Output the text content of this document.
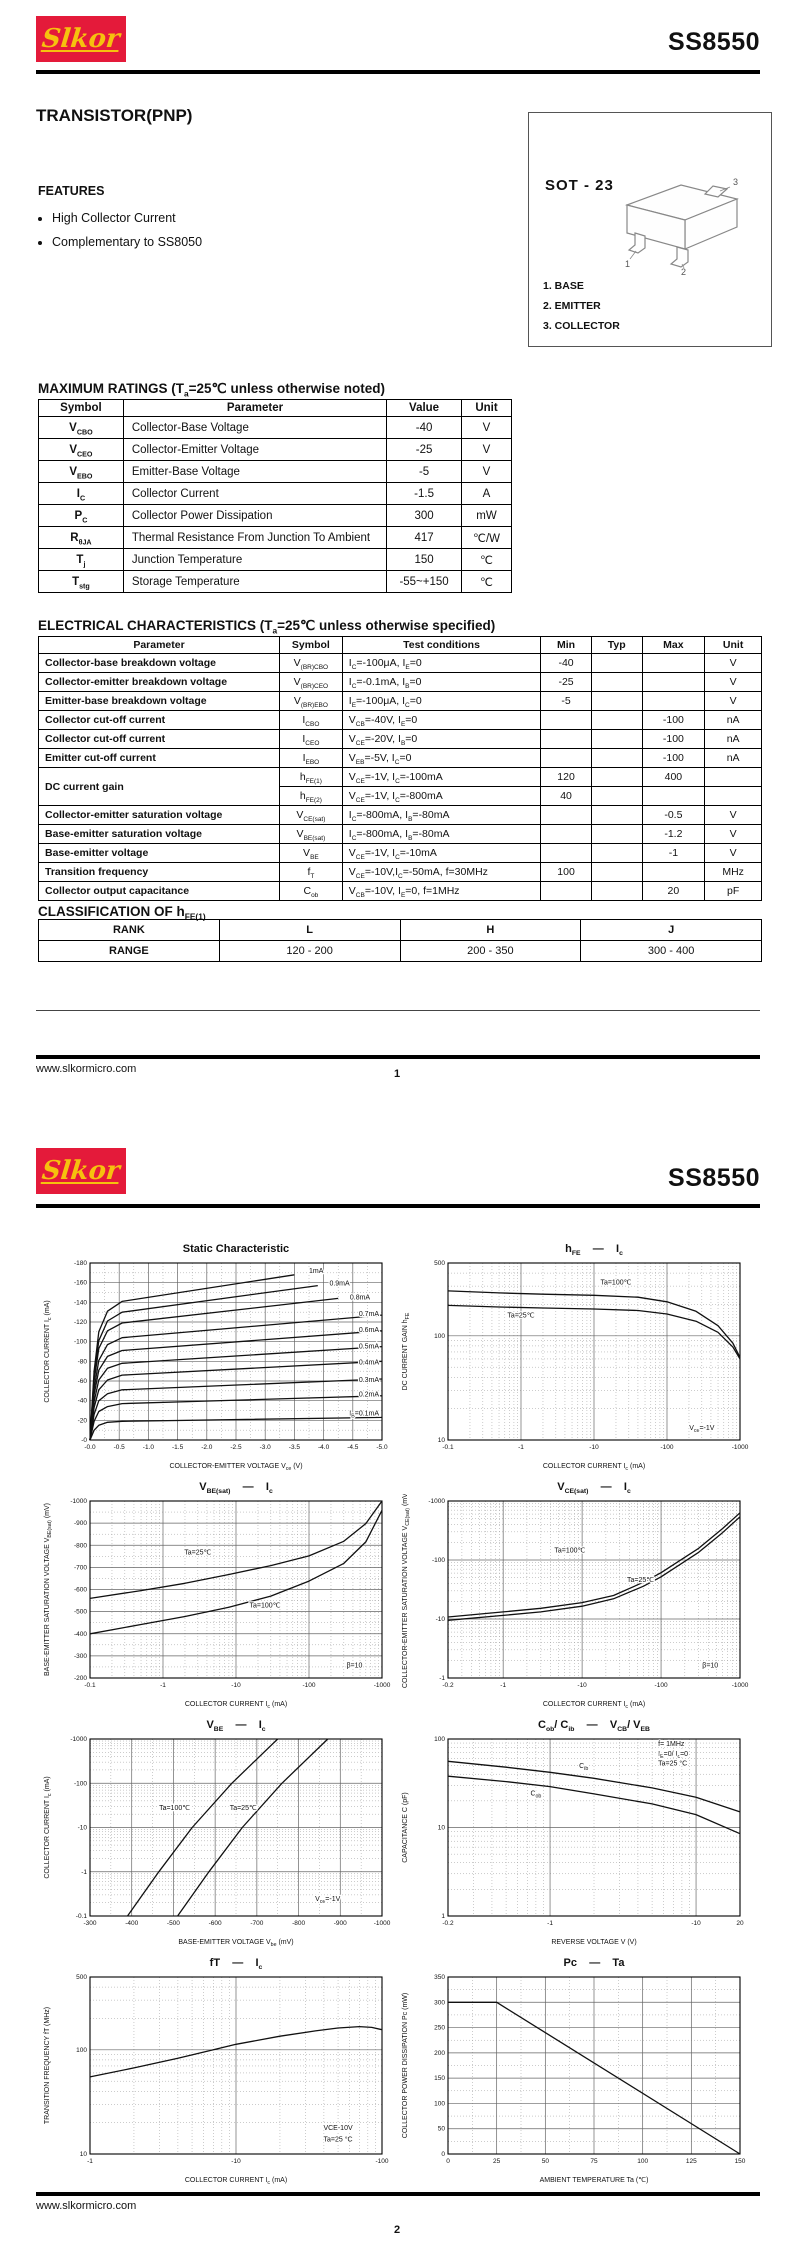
Slkor	SS8550
TRANSISTOR(PNP)
FEATURES
• High Collector Current
• Complementary to SS8050
SOT - 23	3
1
2
1. BASE
2. EMITTER
3. COLLECTOR
MAXIMUM RATINGS ($T_a=25℃$ unless otherwise noted)
Symbol	Parameter	Value	Unit
$V_{CBO}$	Collector-Base Voltage	-40	V
$V_{CEO}$	Collector-Emitter Voltage	-25	V
$V_{EBO}$	Emitter-Base Voltage	-5	V
$I_C$	Collector Current	-1.5	A
$P_C$	Collector Power Dissipation	300	mW
$R_{\theta JA}$	Thermal Resistance From Junction To Ambient	417	℃/W
$T_j$	Junction Temperature	150	℃
$T_{stg}$	Storage Temperature	-55~+150	℃
ELECTRICAL CHARACTERISTICS ($T_a=25℃$ unless otherwise specified)
Parameter	Symbol	Test conditions	Min	Typ	Max	Unit
Collector-base breakdown voltage	$V_{(BR)CBO}$	$I_C=-100\mu A$, $I_E=0$	-40			V
Collector-emitter breakdown voltage	$V_{(BR)CEO}$	$I_C=-0.1mA$, $I_B=0$	-25			V
Emitter-base breakdown voltage	$V_{(BR)EBO}$	$I_E=-100\mu A$, $I_C=0$	-5			V
Collector cut-off current	$I_{CBO}$	$V_{CB}=-40V$, $I_E=0$			-100	nA
Collector cut-off current	$I_{CEO}$	$V_{CE}=-20V$, $I_B=0$			-100	nA
Emitter cut-off current	$I_{EBO}$	$V_{EB}=-5V$, $I_C=0$			-100	nA
DC current gain	$h_{FE(1)}$	$V_{CE}=-1V$, $I_C=-100mA$	120		400	
	$h_{FE(2)}$	$V_{CE}=-1V$, $I_C=-800mA$	40			
Collector-emitter saturation voltage	$V_{CE(sat)}$	$I_C=-800mA$, $I_B=-80mA$			-0.5	V
Base-emitter saturation voltage	$V_{BE(sat)}$	$I_C=-800mA$, $I_B=-80mA$			-1.2	V
Base-emitter voltage	$V_{BE}$	$V_{CE}=-1V$, $I_C=-10mA$			-1	V
Transition frequency	$f_T$	$V_{CE}=-10V,I_C=-50mA$, f=30MHz	100			MHz
Collector output capacitance	$C_{ob}$	$V_{CB}=-10V$, $I_E=0$, f=1MHz			20	pF
CLASSIFICATION OF $h_{FE(1)}$
RANK	L	H	J
RANGE	120 - 200	200 - 350	300 - 400
www.slkormicro.com	1
Slkor	SS8550
Static Characteristic
-0.0	-0.5	-1.0	-1.5	-2.0	-2.5	-3.0	-3.5	-4.0	-4.5	-5.0
-0
-20
-40
-60
-80
-100
-120
-140
-160
-180
1mA
0.9mA
0.8mA
0.7mA
0.6mA
0.5mA
0.4mA
0.3mA
0.2mA
$I_B=0.1mA$
COLLECTOR-EMITTER VOLTAGE $V_{ce}$ (V)
COLLECTOR CURRENT $I_c$ (mA)
$h_{FE}$    —    $I_c$
-0.1	-1	-10	-100	-1000
10
100
500
Ta=100℃
Ta=25℃
$V_{ce}=-1V$
COLLECTOR CURRENT $I_c$ (mA)
DC CURRENT GAIN $h_{FE}$
$V_{BE(sat)}$    —    $I_c$
-0.1	-1	-10	-100	-1000
-200
-300
-400
-500
-600
-700
-800
-900
-1000
Ta=25℃
Ta=100℃
β=10
COLLECTOR CURRENT $I_c$ (mA)
BASE-EMITTER SATURATION VOLTAGE $V_{BE(sat)}$ (mV)
$V_{CE(sat)}$    —    $I_c$
-0.2	-1	-10	-100	-1000
-1
-10
-100
-1000
Ta=100℃
Ta=25℃
β=10
COLLECTOR CURRENT $I_c$ (mA)
COLLECTOR-EMITTER SATURATION VOLTAGE $V_{CE(sat)}$ (mV)
$V_{BE}$    —    $I_c$
-300	-400	-500	-600	-700	-800	-900	-1000
-0.1
-1
-10
-100
-1000
Ta=100℃	Ta=25℃
$V_{ce}=-1V$
BASE-EMITTER VOLTAGE $V_{be}$ (mV)
COLLECTOR CURRENT $I_c$ (mA)
$C_{ob}/$ $C_{ib}$    —    $V_{CB}/$ $V_{EB}$
-0.2	-1	-10	20
1
10
100
$C_{ib}$
$C_{ob}$
f= 1MHz
$I_E=0/$ $I_c=0$
Ta=25 °C
REVERSE VOLTAGE V (V)
CAPACITANCE C (pF)
fT    —    $I_c$
-1	-10	-100
10
100
500
VCE-10V
Ta=25 °C
COLLECTOR CURRENT $I_c$ (mA)
TRANSITION FREQUENCY fT (MHz)
Pc    —    Ta
0	25	50	75	100	125	150
0
50
100
150
200
250
300
350
AMBIENT TEMPERATURE Ta (℃)
COLLECTOR POWER DISSIPATION Pc (mW)
www.slkormicro.com
2
